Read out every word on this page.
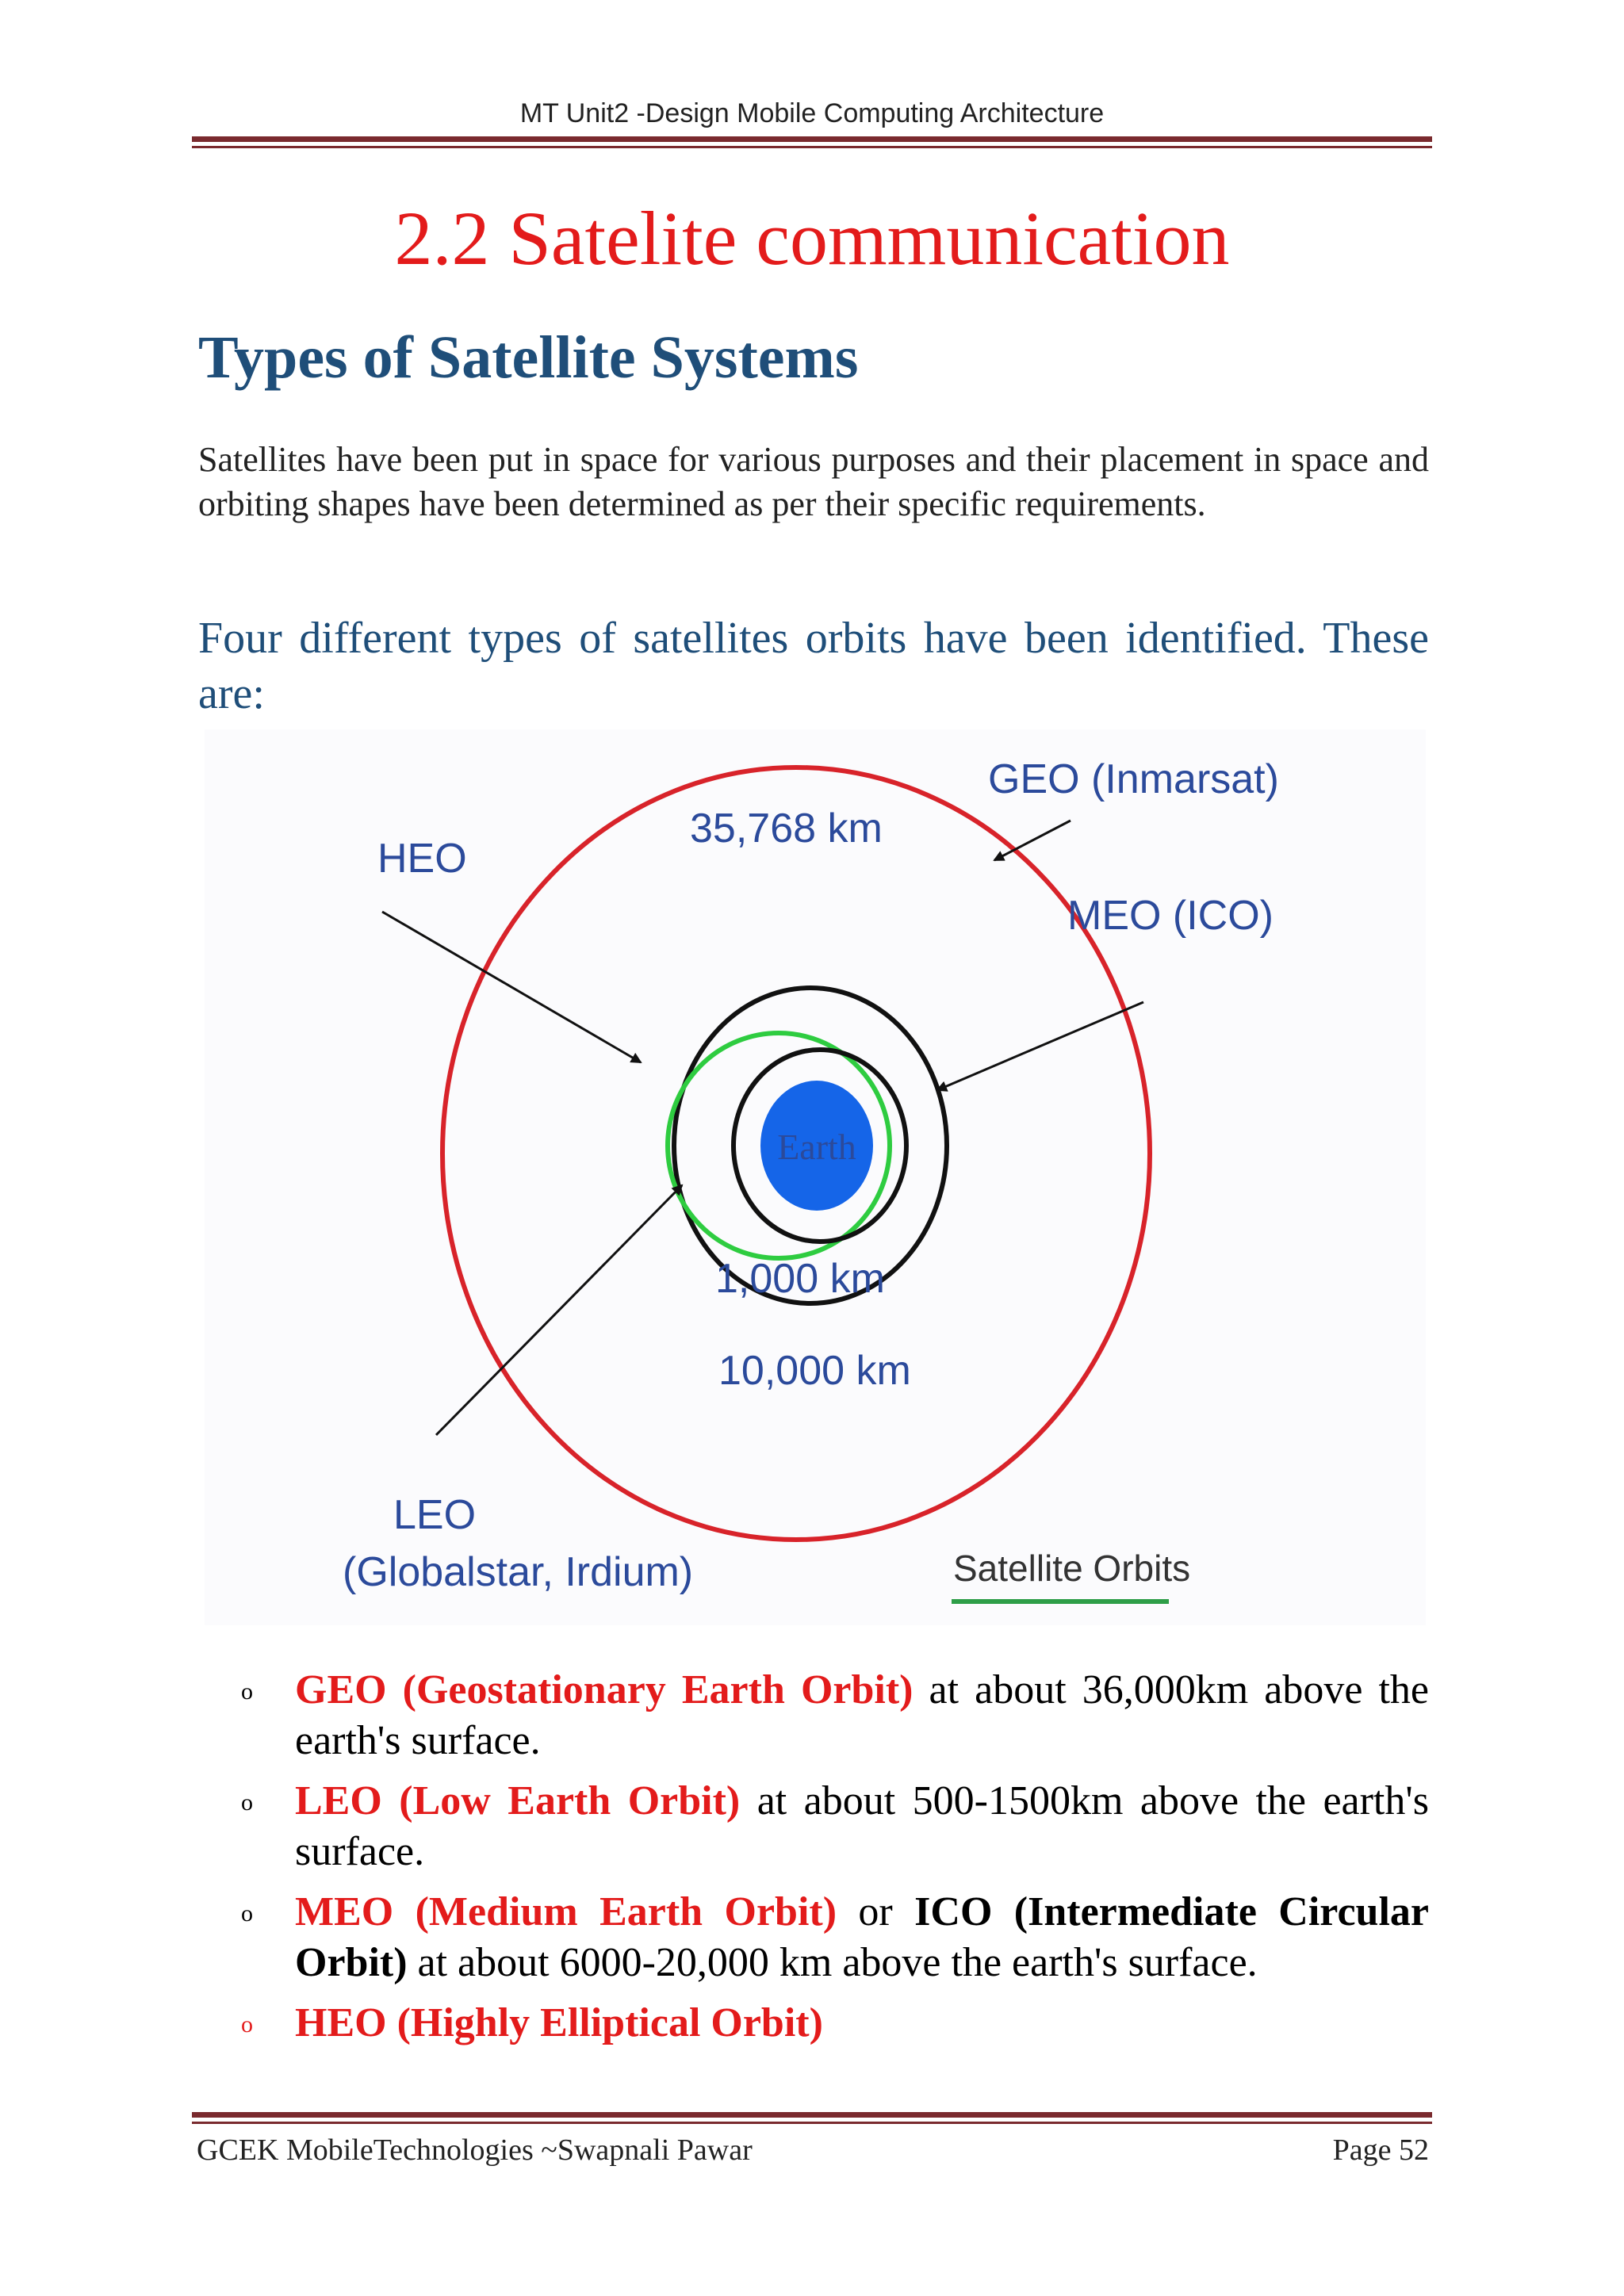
MT Unit2 -Design Mobile Computing Architecture
2.2 Satelite communication
Types of Satellite Systems
Satellites have been put in space for various purposes and their placement in space and orbiting shapes have been determined as per their specific requirements.
Four different types of satellites orbits have been identified. These are:
Earth
GEO (Inmarsat)
35,768 km
HEO
MEO (ICO)
1,000 km
10,000 km
LEO
(Globalstar, Irdium)	Satellite Orbits
o GEO (Geostationary Earth Orbit) at about 36,000km above the earth's surface.
o LEO (Low Earth Orbit) at about 500-1500km above the earth's surface.
o MEO (Medium Earth Orbit) or ICO (Intermediate Circular Orbit) at about 6000-20,000 km above the earth's surface.
o HEO (Highly Elliptical Orbit)
GCEK MobileTechnologies ~Swapnali Pawar	Page 52
